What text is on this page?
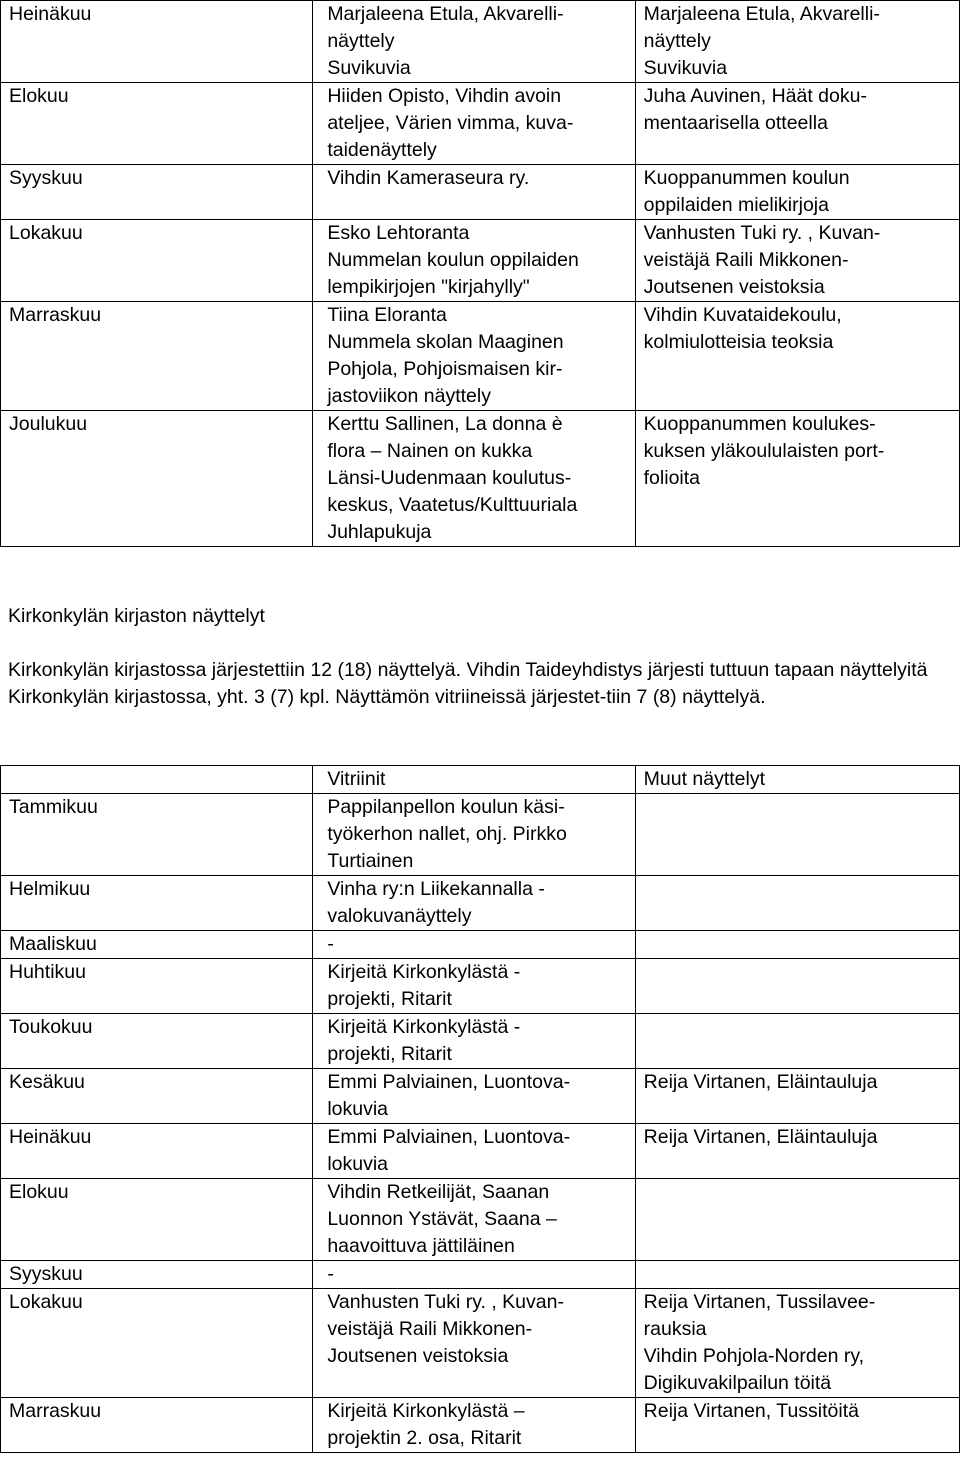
Heinäkuu	Marjaleena Etula, Akvarelli-
näyttely
Suvikuvia	Marjaleena Etula, Akvarelli-
näyttely
Suvikuvia
Elokuu	Hiiden Opisto, Vihdin avoin
ateljee, Värien vimma, kuva-
taidenäyttely	Juha Auvinen, Häät doku-
mentaarisella otteella
Syyskuu	Vihdin Kameraseura ry.	Kuoppanummen koulun
oppilaiden mielikirjoja
Lokakuu	Esko Lehtoranta
Nummelan koulun oppilaiden
lempikirjojen "kirjahylly"	Vanhusten Tuki ry. , Kuvan-
veistäjä Raili Mikkonen-
Joutsenen veistoksia
Marraskuu	Tiina Eloranta
Nummela skolan Maaginen
Pohjola, Pohjoismaisen kir-
jastoviikon näyttely	Vihdin Kuvataidekoulu,
kolmiulotteisia teoksia
Joulukuu	Kerttu Sallinen, La donna è
flora – Nainen on kukka
Länsi-Uudenmaan koulutus-
keskus, Vaatetus/Kulttuuriala
Juhlapukuja	Kuoppanummen koulukes-
kuksen yläkoululaisten port-
folioita
Kirkonkylän kirjaston näyttelyt

Kirkonkylän kirjastossa järjestettiin 12 (18) näyttelyä. Vihdin Taideyhdistys järjesti tuttuun tapaan näyttelyitä Kirkonkylän kirjastossa, yht. 3 (7) kpl. Näyttämön vitriineissä järjestet-tiin 7 (8) näyttelyä.

	Vitriinit	Muut näyttelyt
Tammikuu	Pappilanpellon koulun käsi-
työkerhon nallet, ohj. Pirkko
Turtiainen	
Helmikuu	Vinha ry:n Liikekannalla -
valokuvanäyttely	
Maaliskuu	-	
Huhtikuu	Kirjeitä Kirkonkylästä -
projekti, Ritarit	
Toukokuu	Kirjeitä Kirkonkylästä -
projekti, Ritarit	
Kesäkuu	Emmi Palviainen, Luontova-
lokuvia	Reija Virtanen, Eläintauluja
Heinäkuu	Emmi Palviainen, Luontova-
lokuvia	Reija Virtanen, Eläintauluja
Elokuu	Vihdin Retkeilijät, Saanan
Luonnon Ystävät, Saana –
haavoittuva jättiläinen	
Syyskuu	-	
Lokakuu	Vanhusten Tuki ry. , Kuvan-
veistäjä Raili Mikkonen-
Joutsenen veistoksia	Reija Virtanen, Tussilavee-
rauksia
Vihdin Pohjola-Norden ry,
Digikuvakilpailun töitä
Marraskuu	Kirjeitä Kirkonkylästä –
projektin 2. osa, Ritarit	Reija Virtanen, Tussitöitä
